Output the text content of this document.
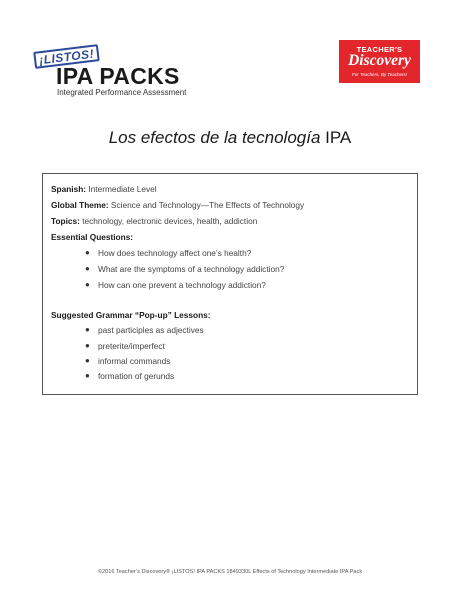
¡LISTOS!
IPA PACKS
Integrated Performance Assessment
TEACHER'S
Discovery
For Teachers, By Teachers!
Los efectos de la tecnología IPA
Spanish: Intermediate Level
Global Theme: Science and Technology—The Effects of Technology
Topics: technology, electronic devices, health, addiction
Essential Questions:
● How does technology affect one’s health?
● What are the symptoms of a technology addiction?
● How can one prevent a technology addiction?
Suggested Grammar “Pop-up” Lessons:
● past participles as adjectives
● preterite/imperfect
● informal commands
● formation of gerunds
©2016 Teacher’s Discovery® ¡LISTOS! IPA PACKS 1849330L Effects of Technology Intermediate IPA Pack
